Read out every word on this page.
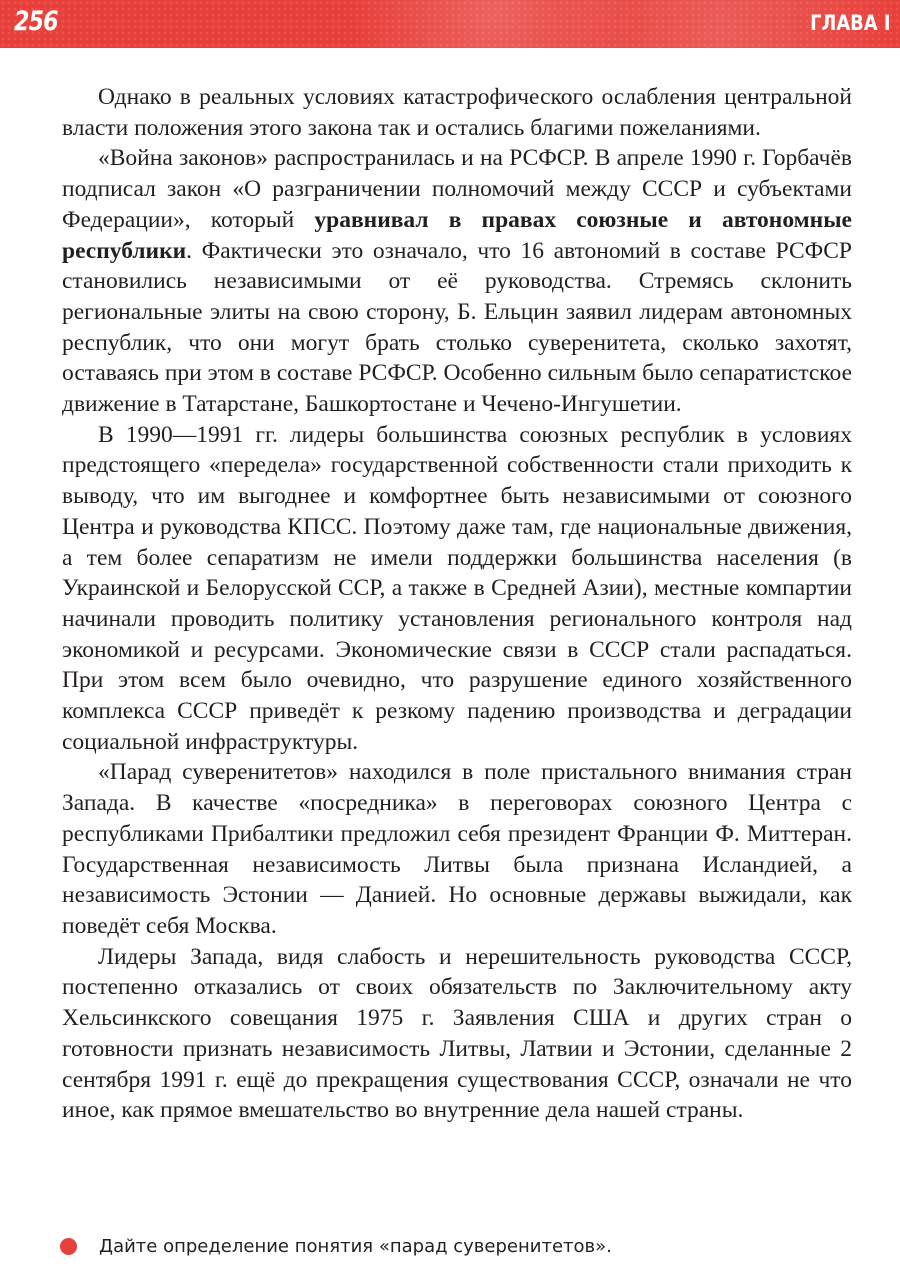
256	ГЛАВА I

Однако в реальных условиях катастрофического ослабления центральной власти положения этого закона так и остались благими пожеланиями.

«Война законов» распространилась и на РСФСР. В апреле 1990 г. Горбачёв подписал закон «О разграничении полномочий между СССР и субъектами Федерации», который уравнивал в правах союзные и автономные республики. Фактически это означало, что 16 автономий в составе РСФСР становились независимыми от её руководства. Стремясь склонить региональные элиты на свою сторону, Б. Ельцин заявил лидерам автономных республик, что они могут брать столько суверенитета, сколько захотят, оставаясь при этом в составе РСФСР. Особенно сильным было сепаратистское движение в Татарстане, Башкортостане и Чечено-Ингушетии.

В 1990—1991 гг. лидеры большинства союзных республик в условиях предстоящего «передела» государственной собственности стали приходить к выводу, что им выгоднее и комфортнее быть независимыми от союзного Центра и руководства КПСС. Поэтому даже там, где национальные движения, а тем более сепаратизм не имели поддержки большинства населения (в Украинской и Белорусской ССР, а также в Средней Азии), местные компартии начинали проводить политику установления регионального контроля над экономикой и ресурсами. Экономические связи в СССР стали распадаться. При этом всем было очевидно, что разрушение единого хозяйственного комплекса СССР приведёт к резкому падению производства и деградации социальной инфраструктуры.

«Парад суверенитетов» находился в поле пристального внимания стран Запада. В качестве «посредника» в переговорах союзного Центра с республиками Прибалтики предложил себя президент Франции Ф. Миттеран. Государственная независимость Литвы была признана Исландией, а независимость Эстонии — Данией. Но основные державы выжидали, как поведёт себя Москва.

Лидеры Запада, видя слабость и нерешительность руководства СССР, постепенно отказались от своих обязательств по Заключительному акту Хельсинкского совещания 1975 г. Заявления США и других стран о готовности признать независимость Литвы, Латвии и Эстонии, сделанные 2 сентября 1991 г. ещё до прекращения существования СССР, означали не что иное, как прямое вмешательство во внутренние дела нашей страны.

Дайте определение понятия «парад суверенитетов».
